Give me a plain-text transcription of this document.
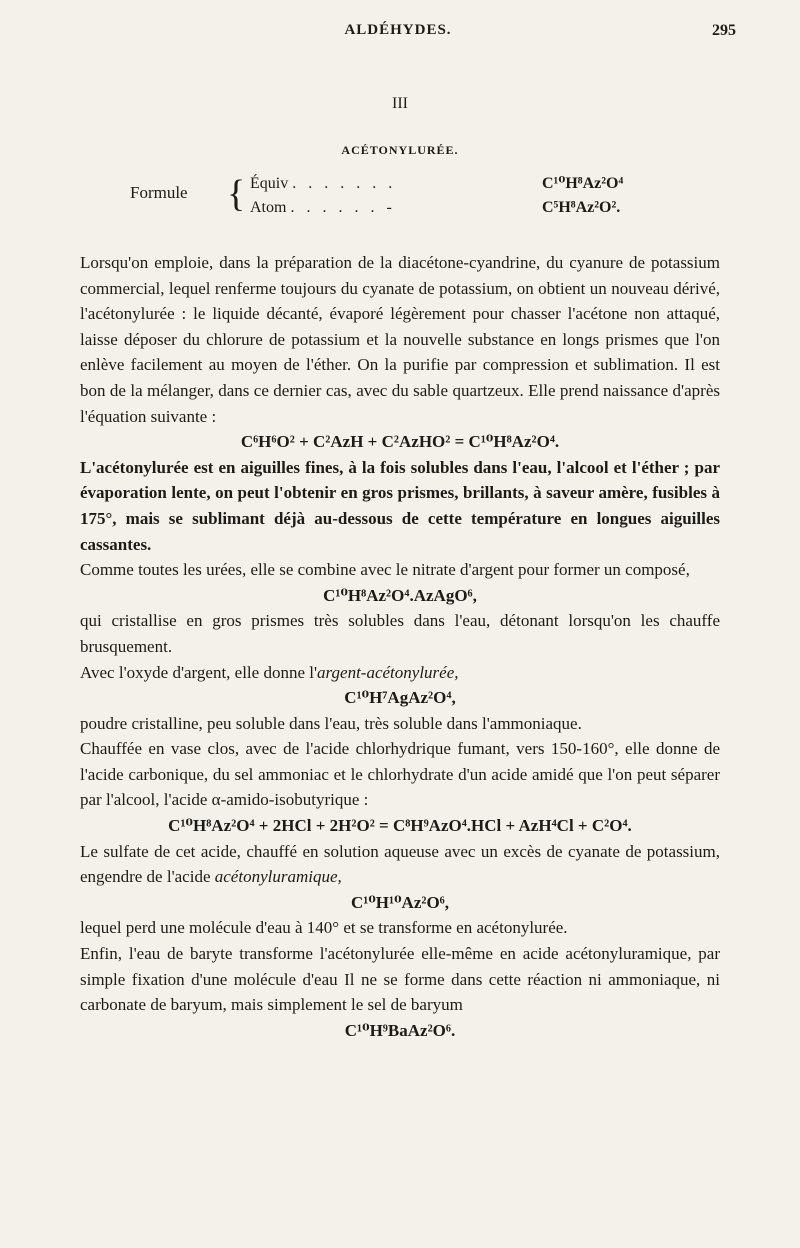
ALDÉHYDES.	295
III
ACÉTONYLURÉE.
Formule { Équiv . . . . . . .	C¹⁰H⁸Az²O⁴
Atom . . . . . . -	C⁵H⁸Az²O².

Lorsqu'on emploie, dans la préparation de la diacétone-cyandrine, du cyanure de potassium commercial, lequel renferme toujours du cyanate de potassium, on obtient un nouveau dérivé, l'acétonylurée : le liquide décanté, évaporé légèrement pour chasser l'acétone non attaqué, laisse déposer du chlorure de potassium et la nouvelle substance en longs prismes que l'on enlève facilement au moyen de l'éther. On la purifie par compression et sublimation. Il est bon de la mélanger, dans ce dernier cas, avec du sable quartzeux. Elle prend naissance d'après l'équation suivante :

C⁶H⁶O² + C²AzH + C²AzHO² = C¹⁰H⁸Az²O⁴.

L'acétonylurée est en aiguilles fines, à la fois solubles dans l'eau, l'alcool et l'éther ; par évaporation lente, on peut l'obtenir en gros prismes, brillants, à saveur amère, fusibles à 175°, mais se sublimant déjà au-dessous de cette température en longues aiguilles cassantes.

Comme toutes les urées, elle se combine avec le nitrate d'argent pour former un composé,

C¹⁰H⁸Az²O⁴.AzAgO⁶,

qui cristallise en gros prismes très solubles dans l'eau, détonant lorsqu'on les chauffe brusquement.

Avec l'oxyde d'argent, elle donne l'argent-acétonylurée,

C¹⁰H⁷AgAz²O⁴,

poudre cristalline, peu soluble dans l'eau, très soluble dans l'ammoniaque.

Chauffée en vase clos, avec de l'acide chlorhydrique fumant, vers 150-160°, elle donne de l'acide carbonique, du sel ammoniac et le chlorhydrate d'un acide amidé que l'on peut séparer par l'alcool, l'acide α-amido-isobutyrique :

C¹⁰H⁸Az²O⁴ + 2HCl + 2H²O² = C⁸H⁹AzO⁴.HCl + AzH⁴Cl + C²O⁴.

Le sulfate de cet acide, chauffé en solution aqueuse avec un excès de cyanate de potassium, engendre de l'acide acétonyluramique,

C¹⁰H¹⁰Az²O⁶,

lequel perd une molécule d'eau à 140° et se transforme en acétonylurée.

Enfin, l'eau de baryte transforme l'acétonylurée elle-même en acide acétonyluramique, par simple fixation d'une molécule d'eau Il ne se forme dans cette réaction ni ammoniaque, ni carbonate de baryum, mais simplement le sel de baryum

C¹⁰H⁹BaAz²O⁶.
